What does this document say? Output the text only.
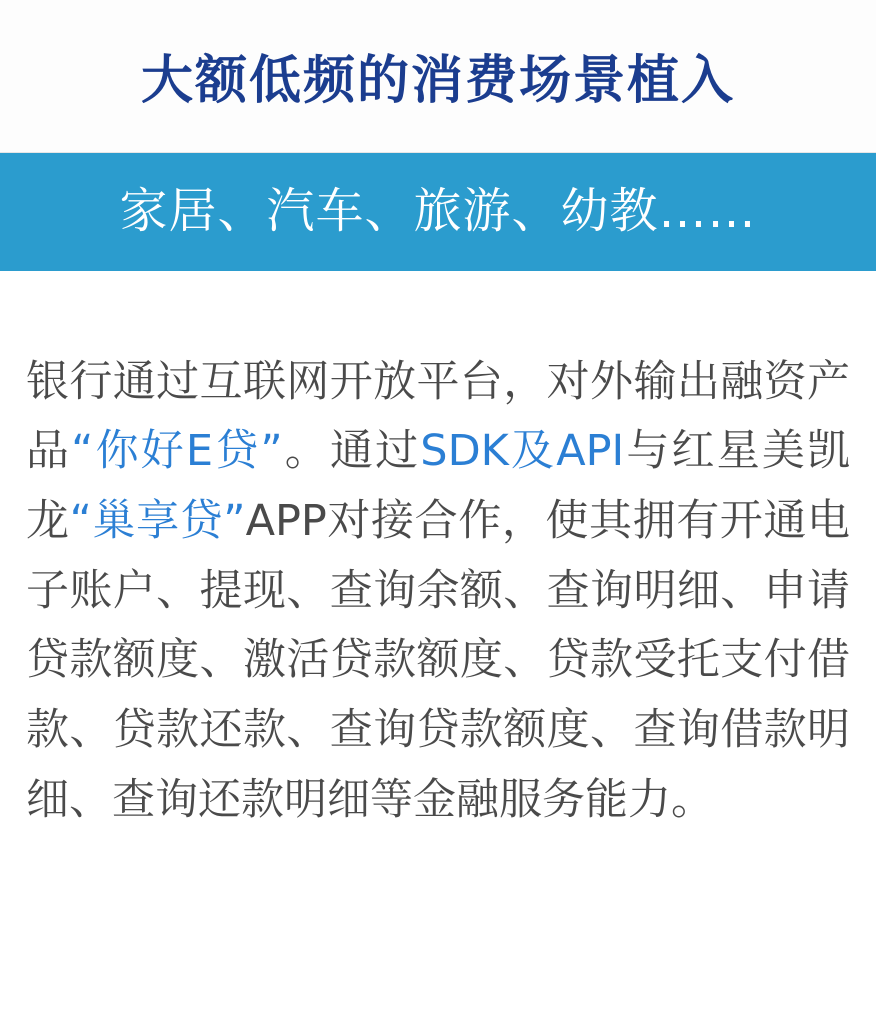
大额低频的消费场景植入
家居、汽车、旅游、幼教……

银行通过互联网开放平台，对外输出融资产品“你好E贷”。通过SDK及API与红星美凯龙“巢享贷”APP对接合作，使其拥有开通电子账户、提现、查询余额、查询明细、申请贷款额度、激活贷款额度、贷款受托支付借款、贷款还款、查询贷款额度、查询借款明细、查询还款明细等金融服务能力。
